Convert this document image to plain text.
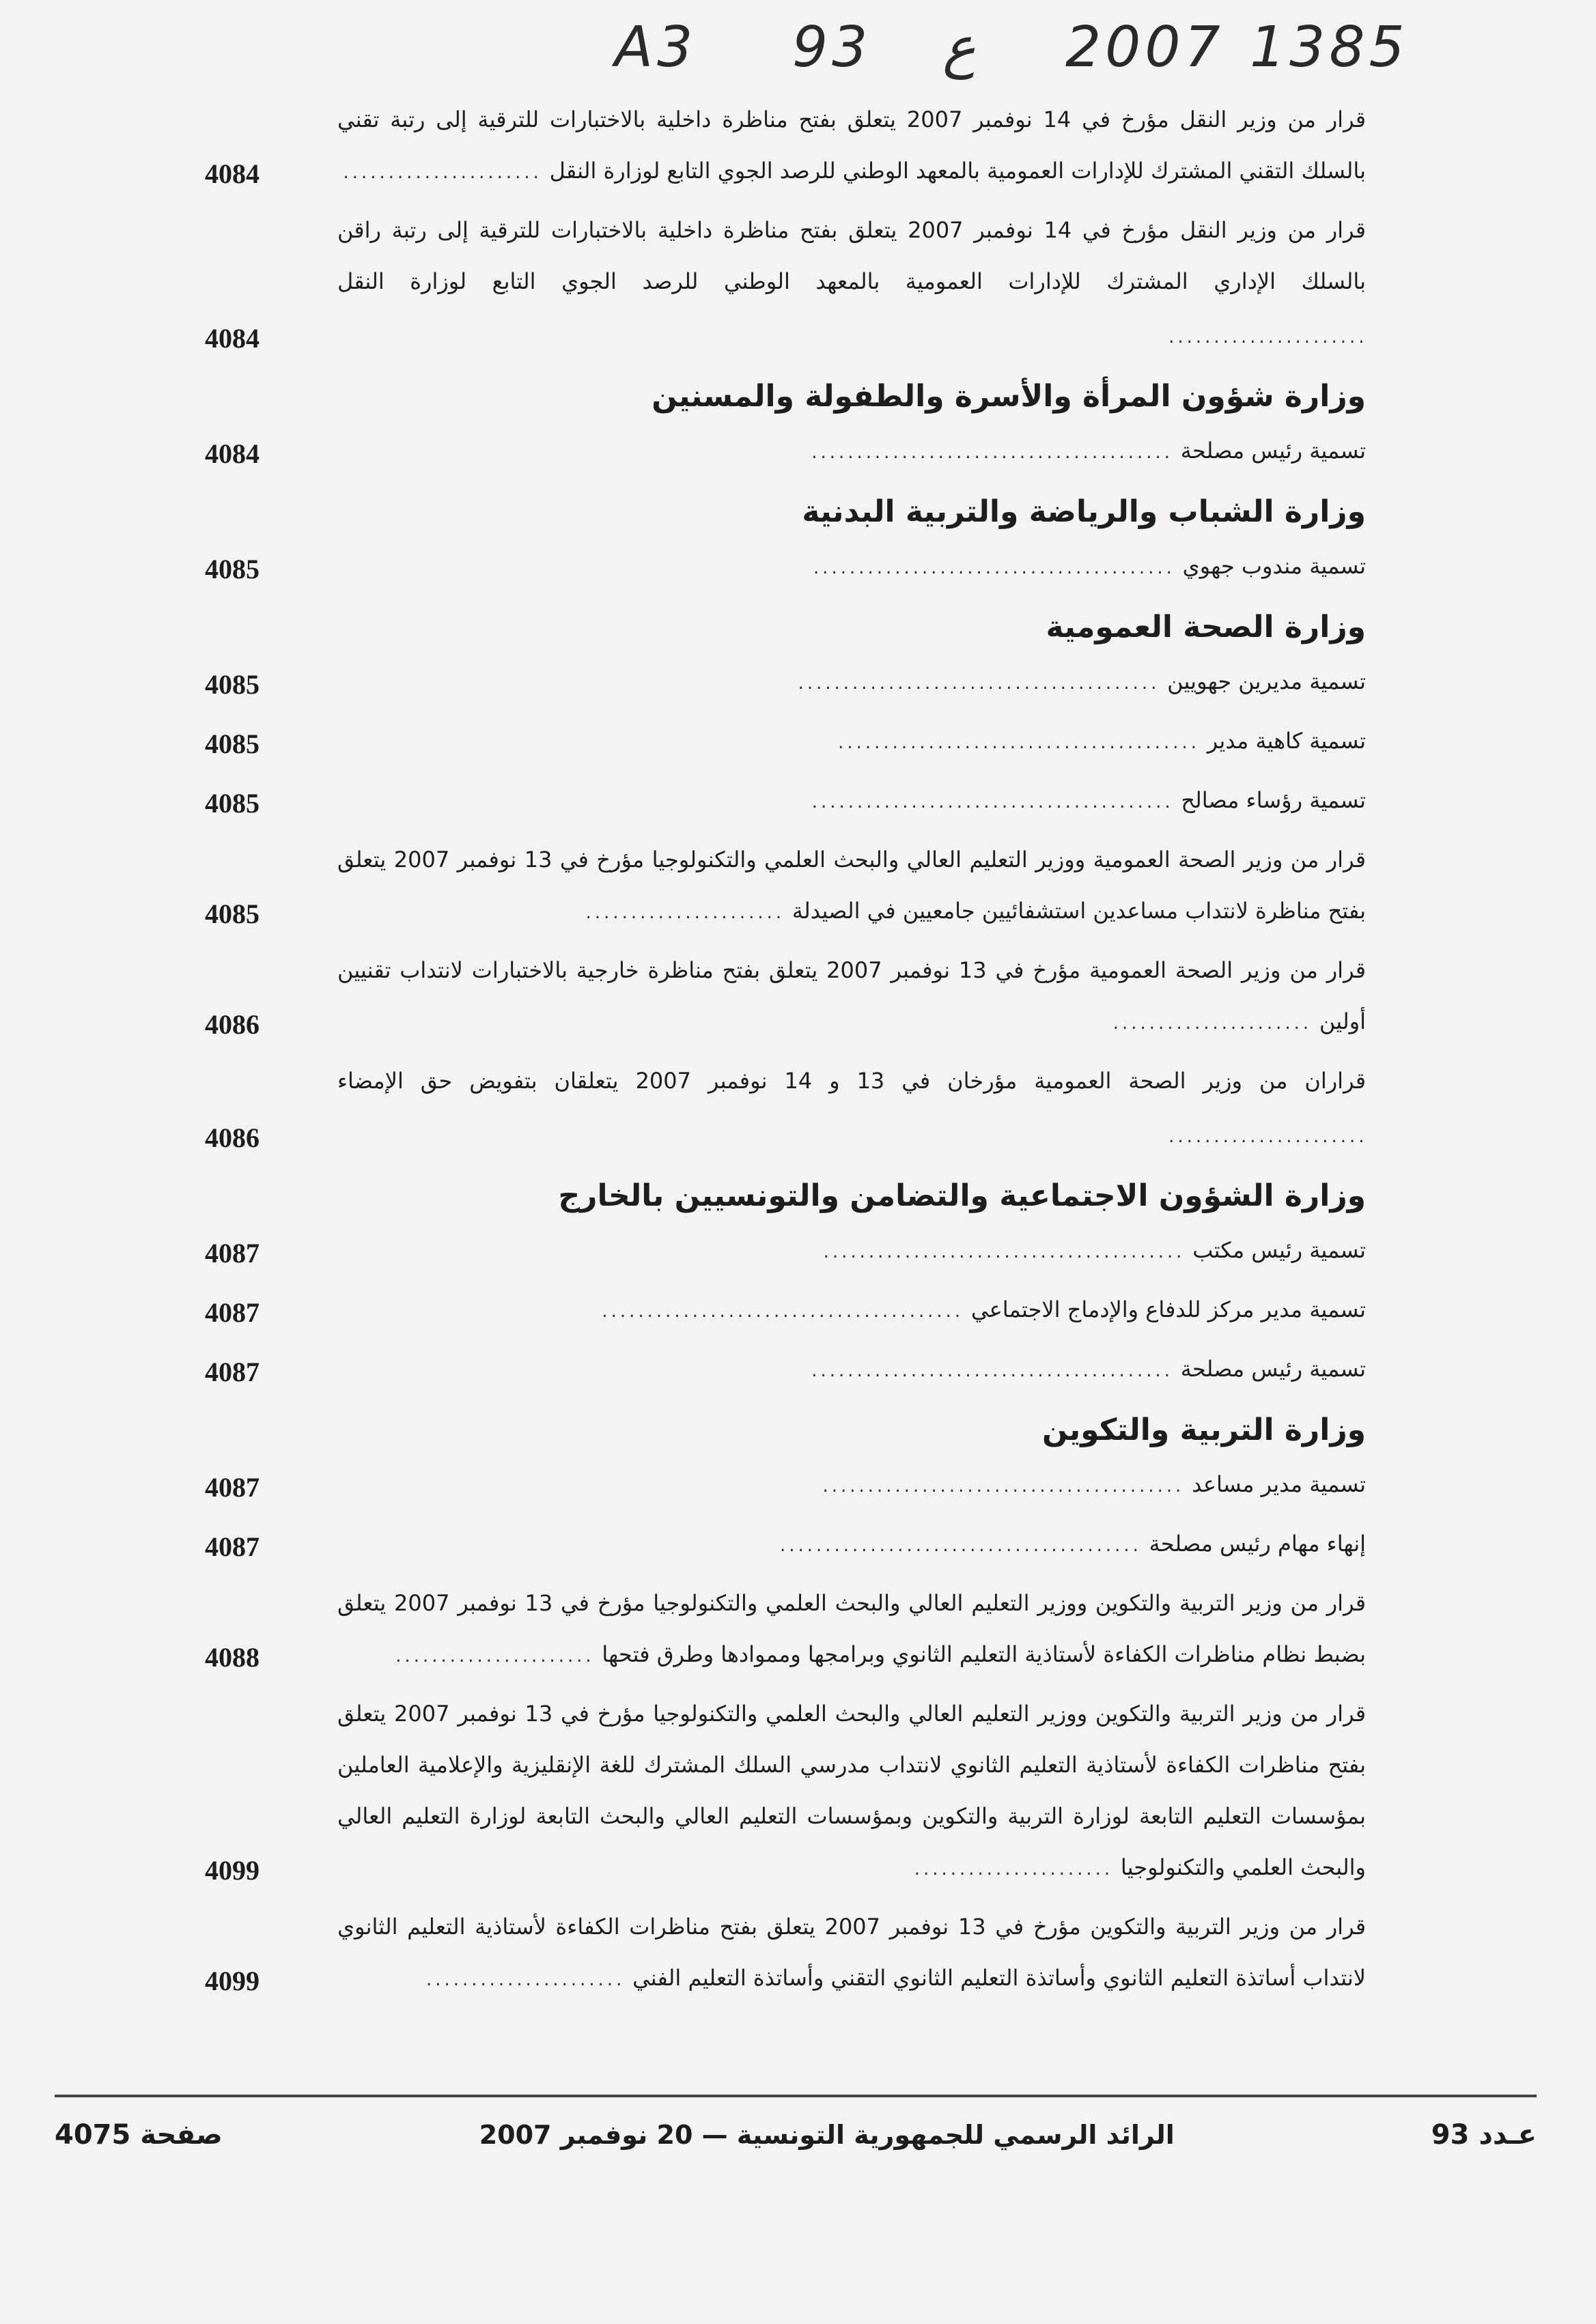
A3 93 ع 2007 1385
قرار من وزير النقل مؤرخ في 14 نوفمبر 2007 يتعلق بفتح مناظرة داخلية بالاختبارات للترقية إلى رتبة تقني بالسلك التقني المشترك للإدارات العمومية بالمعهد الوطني للرصد الجوي التابع لوزارة النقل ......................
4084
قرار من وزير النقل مؤرخ في 14 نوفمبر 2007 يتعلق بفتح مناظرة داخلية بالاختبارات للترقية إلى رتبة راقن بالسلك الإداري المشترك للإدارات العمومية بالمعهد الوطني للرصد الجوي التابع لوزارة النقل ......................
4084
وزارة شؤون المرأة والأسرة والطفولة والمسنين
تسمية رئيس مصلحة ........................................
4084
وزارة الشباب والرياضة والتربية البدنية
تسمية مندوب جهوي ........................................
4085
وزارة الصحة العمومية
تسمية مديرين جهويين ........................................
4085
تسمية كاهية مدير ........................................
4085
تسمية رؤساء مصالح ........................................
4085
قرار من وزير الصحة العمومية ووزير التعليم العالي والبحث العلمي والتكنولوجيا مؤرخ في 13 نوفمبر 2007 يتعلق بفتح مناظرة لانتداب مساعدين استشفائيين جامعيين في الصيدلة ......................
4085
قرار من وزير الصحة العمومية مؤرخ في 13 نوفمبر 2007 يتعلق بفتح مناظرة خارجية بالاختبارات لانتداب تقنيين أولين ......................
4086
قراران من وزير الصحة العمومية مؤرخان في 13 و 14 نوفمبر 2007 يتعلقان بتفويض حق الإمضاء ......................
4086
وزارة الشؤون الاجتماعية والتضامن والتونسيين بالخارج
تسمية رئيس مكتب ........................................
4087
تسمية مدير مركز للدفاع والإدماج الاجتماعي ........................................
4087
تسمية رئيس مصلحة ........................................
4087
وزارة التربية والتكوين
تسمية مدير مساعد ........................................
4087
إنهاء مهام رئيس مصلحة ........................................
4087
قرار من وزير التربية والتكوين ووزير التعليم العالي والبحث العلمي والتكنولوجيا مؤرخ في 13 نوفمبر 2007 يتعلق بضبط نظام مناظرات الكفاءة لأستاذية التعليم الثانوي وبرامجها ومموادها وطرق فتحها ......................
4088
قرار من وزير التربية والتكوين ووزير التعليم العالي والبحث العلمي والتكنولوجيا مؤرخ في 13 نوفمبر 2007 يتعلق بفتح مناظرات الكفاءة لأستاذية التعليم الثانوي لانتداب مدرسي السلك المشترك للغة الإنقليزية والإعلامية العاملين بمؤسسات التعليم التابعة لوزارة التربية والتكوين وبمؤسسات التعليم العالي والبحث التابعة لوزارة التعليم العالي والبحث العلمي والتكنولوجيا ......................
4099
قرار من وزير التربية والتكوين مؤرخ في 13 نوفمبر 2007 يتعلق بفتح مناظرات الكفاءة لأستاذية التعليم الثانوي لانتداب أساتذة التعليم الثانوي وأساتذة التعليم الثانوي التقني وأساتذة التعليم الفني ......................
4099
صفحة 4075	الرائد الرسمي للجمهورية التونسية — 20 نوفمبر 2007	عـدد 93
